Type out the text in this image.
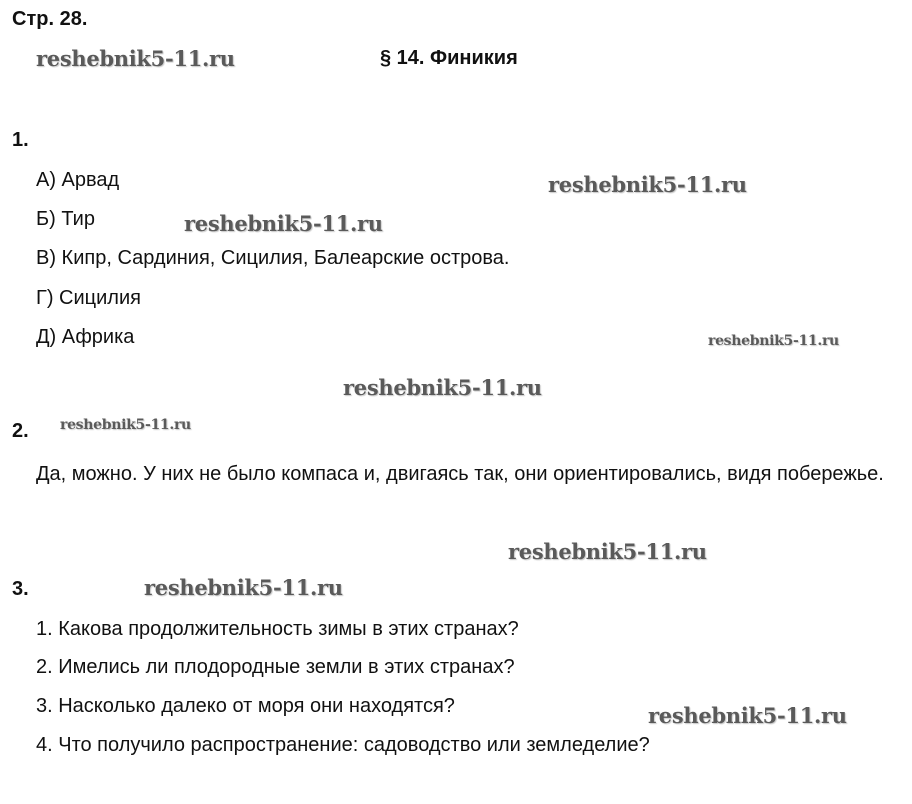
Стр. 28.
§ 14. Финикия
1.
А) Арвад
Б) Тир
В) Кипр, Сардиния, Сицилия, Балеарские острова.
Г) Сицилия
Д) Африка
2.
Да, можно. У них не было компаса и, двигаясь так, они ориентировались, видя побережье.
3.
1. Какова продолжительность зимы в этих странах?
2. Имелись ли плодородные земли в этих странах?
3. Насколько далеко от моря они находятся?
4. Что получило распространение: садоводство или земледелие?
reshebnik5-11.ru
reshebnik5-11.ru
reshebnik5-11.ru
reshebnik5-11.ru
reshebnik5-11.ru
reshebnik5-11.ru
reshebnik5-11.ru
reshebnik5-11.ru
reshebnik5-11.ru
